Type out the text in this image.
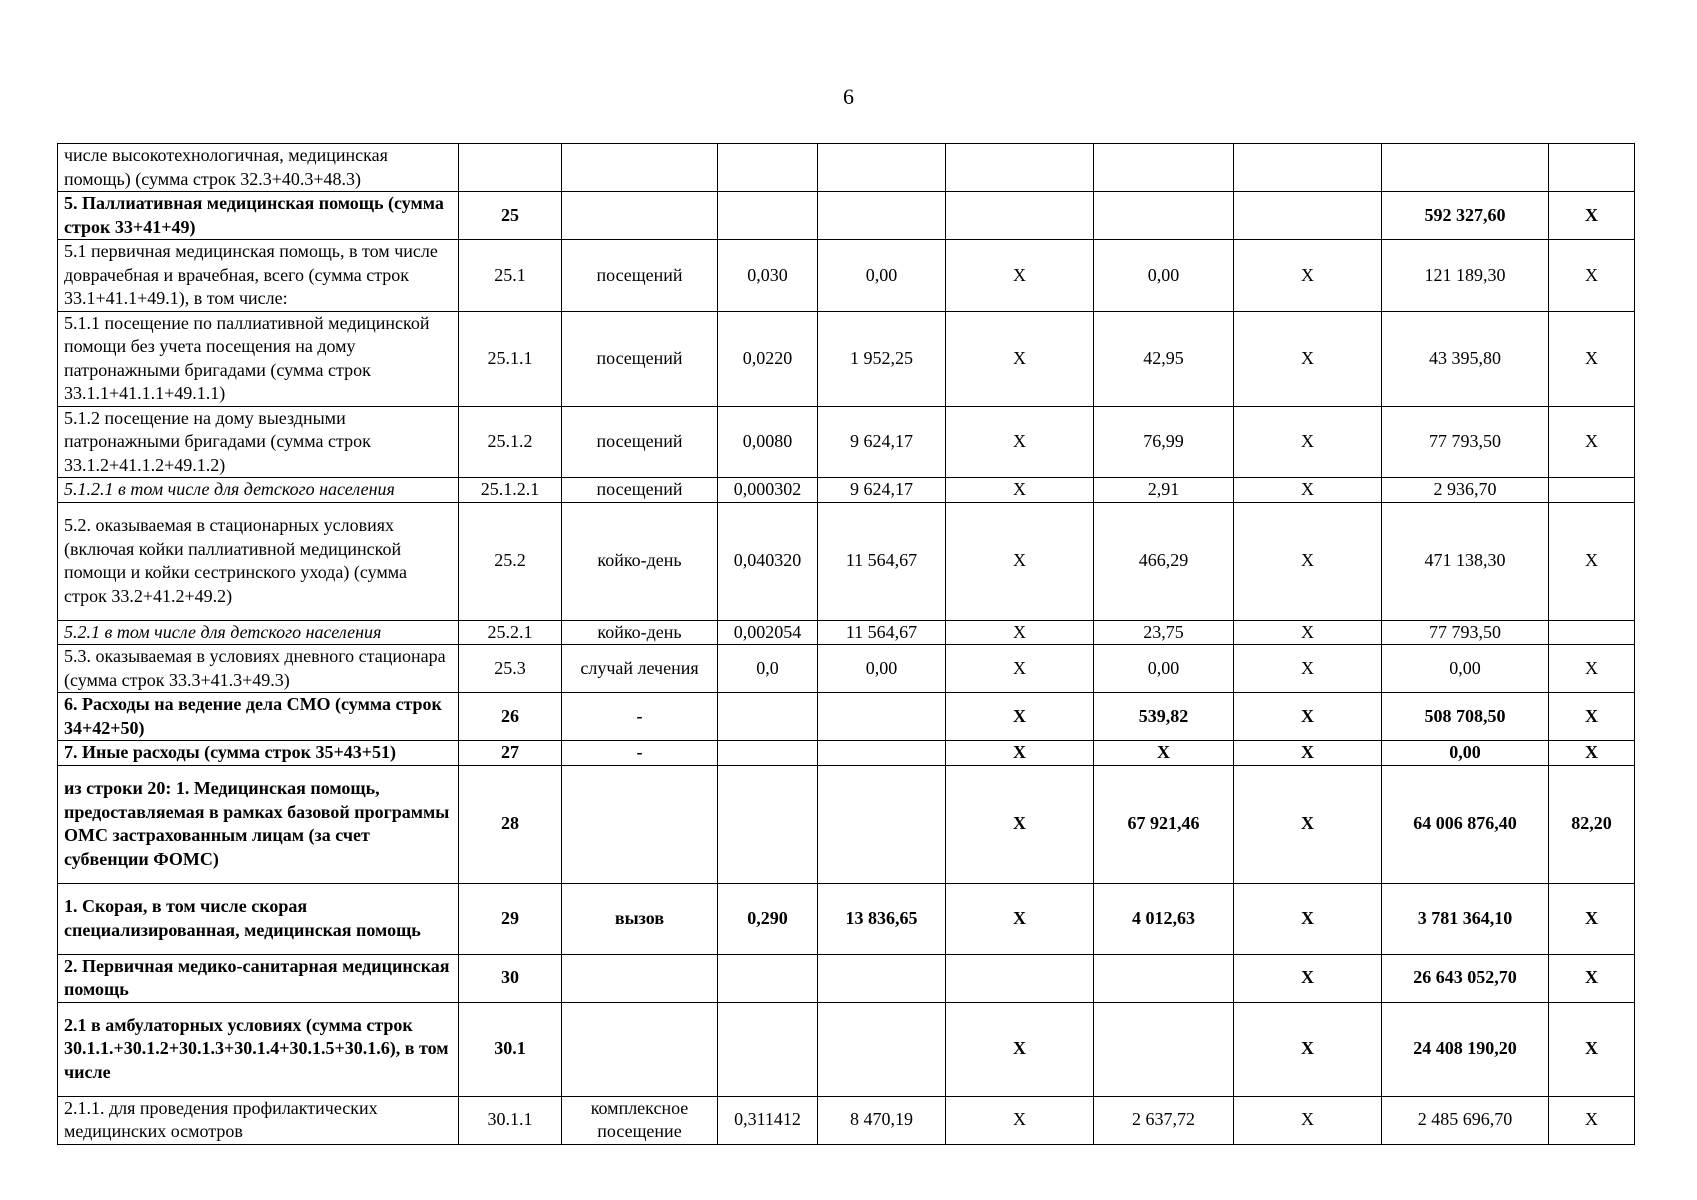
6
числе высокотехнологичная, медицинская помощь) (сумма строк 32.3+40.3+48.3)									
5. Паллиативная медицинская помощь (сумма строк 33+41+49)	25							592 327,60	X
5.1 первичная медицинская помощь, в том числе доврачебная и врачебная, всего (сумма строк 33.1+41.1+49.1), в том числе:	25.1	посещений	0,030	0,00	X	0,00	X	121 189,30	X
5.1.1 посещение по паллиативной медицинской помощи без учета посещения на дому патронажными бригадами (сумма строк 33.1.1+41.1.1+49.1.1)	25.1.1	посещений	0,0220	1 952,25	X	42,95	X	43 395,80	X
5.1.2 посещение на дому выездными патронажными бригадами (сумма строк 33.1.2+41.1.2+49.1.2)	25.1.2	посещений	0,0080	9 624,17	X	76,99	X	77 793,50	X
5.1.2.1 в том числе для детского населения	25.1.2.1	посещений	0,000302	9 624,17	X	2,91	X	2 936,70	
5.2. оказываемая в стационарных условиях (включая койки паллиативной медицинской помощи и койки сестринского ухода) (сумма строк 33.2+41.2+49.2)	25.2	койко-день	0,040320	11 564,67	X	466,29	X	471 138,30	X
5.2.1 в том числе для детского населения	25.2.1	койко-день	0,002054	11 564,67	X	23,75	X	77 793,50	
5.3. оказываемая в условиях дневного стационара (сумма строк 33.3+41.3+49.3)	25.3	случай лечения	0,0	0,00	X	0,00	X	0,00	X
6. Расходы на ведение дела СМО (сумма строк 34+42+50)	26	-			X	539,82	X	508 708,50	X
7. Иные расходы (сумма строк 35+43+51)	27	-			X	X	X	0,00	X
из строки 20: 1. Медицинская помощь, предоставляемая в рамках базовой программы ОМС застрахованным лицам (за счет субвенции ФОМС)	28				X	67 921,46	X	64 006 876,40	82,20
1. Скорая, в том числе скорая специализированная, медицинская помощь	29	вызов	0,290	13 836,65	X	4 012,63	X	3 781 364,10	X
2. Первичная медико-санитарная медицинская помощь	30						X	26 643 052,70	X
2.1 в амбулаторных условиях (сумма строк 30.1.1.+30.1.2+30.1.3+30.1.4+30.1.5+30.1.6), в том числе	30.1				X		X	24 408 190,20	X
2.1.1. для проведения профилактических медицинских осмотров	30.1.1	комплексное посещение	0,311412	8 470,19	X	2 637,72	X	2 485 696,70	X
